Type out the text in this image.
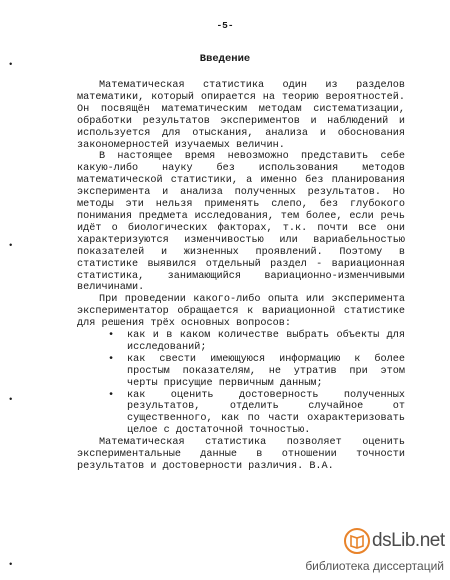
-5-
•
•
•
•
Введение

Математическая статистика один из разделов математики, который опирается на теорию вероятностей. Он посвящён математическим методам систематизации, обработки результатов экспериментов и наблюдений и используется для отыскания, анализа и обоснования закономерностей изучаемых величин.

В настоящее время невозможно представить себе какую-либо науку без использования методов математической статистики, а именно без планирования эксперимента и анализа полученных результатов. Но методы эти нельзя применять слепо, без глубокого понимания предмета исследования, тем более, если речь идёт о биологических факторах, т.к. почти все они характеризуются изменчивостью или вариабельностью показателей и жизненных проявлений. Поэтому в статистике выявился отдельный раздел - вариационная статистика, занимающийся вариационно-изменчивыми величинами.

При проведении какого-либо опыта или эксперимента экспериментатор обращается к вариационной статистике для решения трёх основных вопросов:

• как и в каком количестве выбрать объекты для исследований;
• как свести имеющуюся информацию к более простым показателям, не утратив при этом черты присущие первичным данным;
• как оценить достоверность полученных результатов, отделить случайное от существенного, как по части охарактеризовать целое с достаточной точностью.

Математическая статистика позволяет оценить экспериментальные данные в отношении точности результатов и достоверности различия. В.А.

dsLib.net
библиотека диссертаций
